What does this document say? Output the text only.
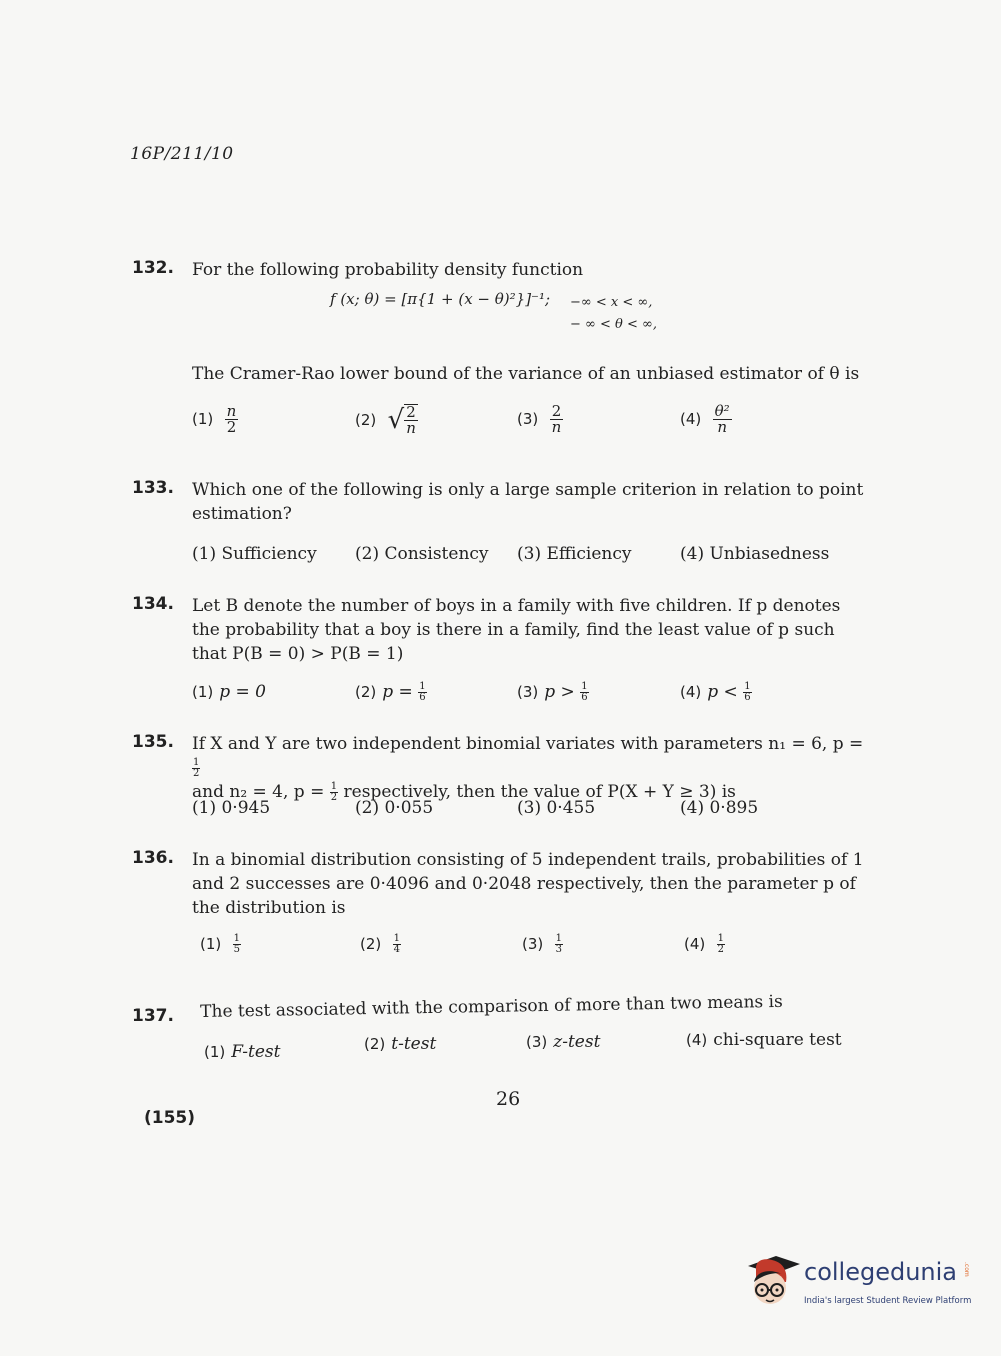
16P/211/10
132. For the following probability density function
f (x; θ) = [π{1 + (x − θ)²}]⁻¹; −∞ < x < ∞,
− ∞ < θ < ∞,
The Cramer-Rao lower bound of the variance of an unbiased estimator of θ is
$(1) \frac{n}{2}$	(2) √ $\frac{2}{n}$	$(3) \frac{2}{n}$	$(4) \frac{\text{θ²}}{n}$
133. Which one of the following is only a large sample criterion in relation to point estimation?
(1) Sufficiency (2) Consistency (3) Efficiency	(4) Unbiasedness
134. Let B denote the number of boys in a family with five children. If p denotes the probability that a boy is there in a family, find the least value of p such that P(B = 0) > P(B = 1)
(1) p = 0	(2) $p = \frac{1}{6}$	(3) $p > \frac{1}{6}$	(4) $p < \frac{1}{6}$
135. If X and Y are two independent binomial variates with parameters n₁ = 6, p =
$\frac{1}{2}$
and n₂ = 4, $p = \frac{1}{2}$ respectively, then the value of P(X + Y ≥ 3) is
(1) 0·945	(2) 0·055	(3) 0·455	(4) 0·895
136. In a binomial distribution consisting of 5 independent trails, probabilities of 1 and 2 successes are 0·4096 and 0·2048 respectively, then the parameter p of the distribution is
$(1) \frac{1}{5}$	$(2) \frac{1}{4}$	$(3) \frac{1}{3}$	$(4) \frac{1}{2}$
137. The test associated with the comparison of more than two means is
(1) F-test	(2) t-test	(3) z-test	(4) chi-square test
26
(155)
collegedunia .com
India's largest Student Review Platform
